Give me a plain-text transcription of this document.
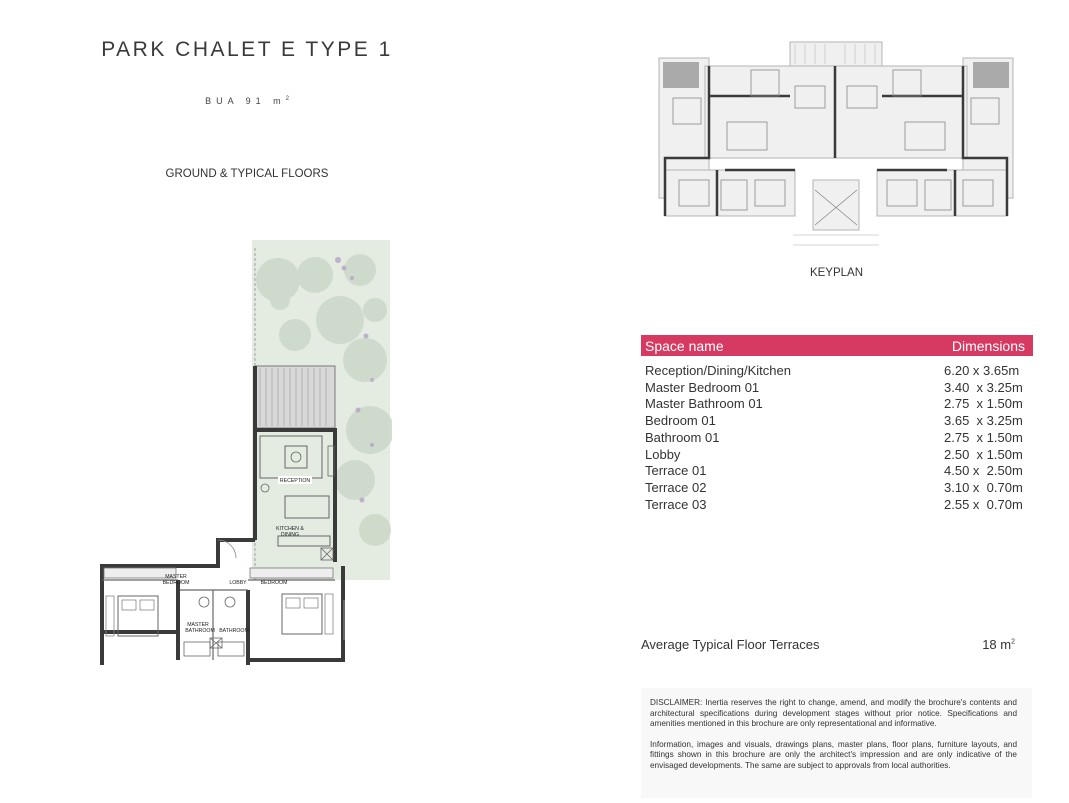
PARK CHALET E TYPE 1
BUA 91 $m^2$
GROUND & TYPICAL FLOORS
RECEPTION
KITCHEN &
DINING
MASTER
BEDROOM	LOBBY	BEDROOM
MASTER
BATHROOM BATHROOM
KEYPLAN
Space name	Dimensions
Reception/Dining/Kitchen	6.20 x 3.65m
Master Bedroom 01	3.40  x 3.25m
Master Bathroom 01	2.75  x 1.50m
Bedroom 01	3.65  x 3.25m
Bathroom 01	2.75  x 1.50m
Lobby	2.50  x 1.50m
Terrace 01	4.50 x  2.50m
Terrace 02	3.10 x  0.70m
Terrace 03	2.55 x  0.70m
Average Typical Floor Terraces	18 $m^2$

DISCLAIMER: Inertia reserves the right to change, amend, and modify the brochure's contents and architectural specifications during development stages without prior notice. Specifications and amenities mentioned in this brochure are only representational and informative.

Information, images and visuals, drawings plans, master plans, floor plans, furniture layouts, and fittings shown in this brochure are only the architect's impression and are only indicative of the envisaged developments. The same are subject to approvals from local authorities.
